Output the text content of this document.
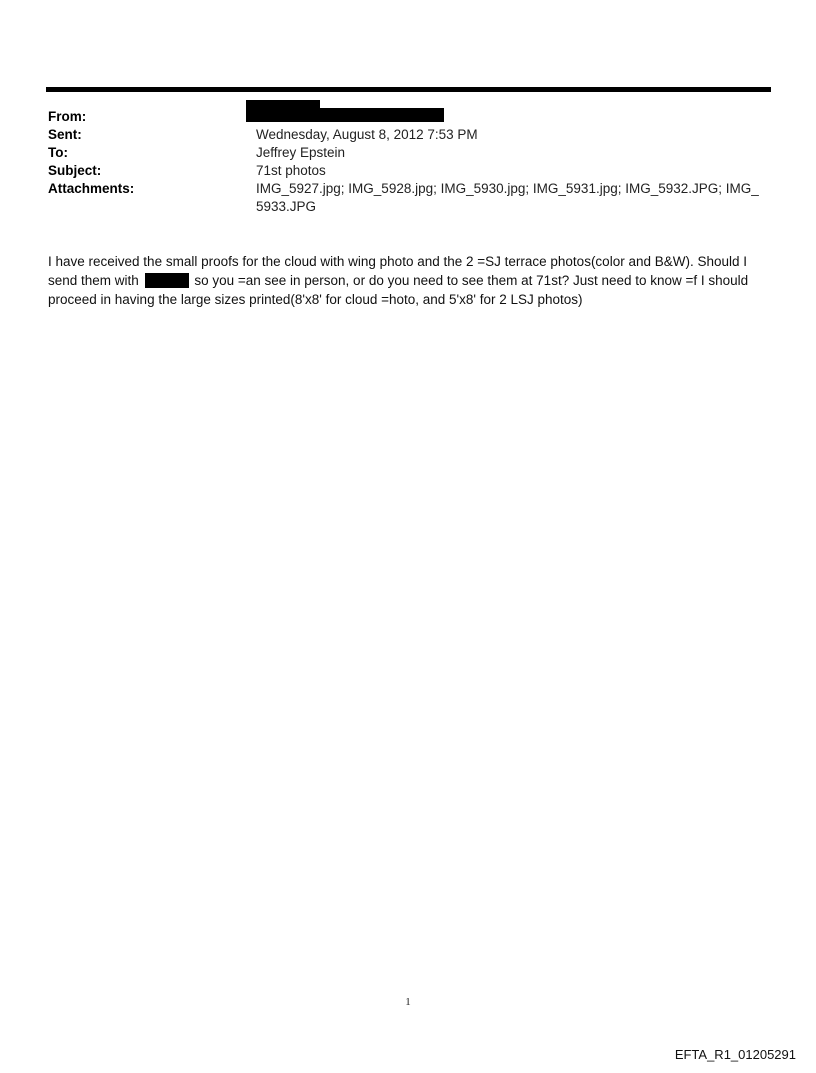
From:
Sent:	Wednesday, August 8, 2012 7:53 PM
To:	Jeffrey Epstein
Subject:	71st photos
Attachments:	IMG_5927.jpg; IMG_5928.jpg; IMG_5930.jpg; IMG_5931.jpg; IMG_5932.JPG; IMG_ 5933.JPG

I have received the small proofs for the cloud with wing photo and the 2 =SJ terrace photos(color and B&W). Should I send them with	so you =an see in person, or do you need to see them at 71st? Just need to know =f I should proceed in having the large sizes printed(8'x8' for cloud =hoto, and 5'x8' for 2 LSJ photos)

1
EFTA_R1_01205291
